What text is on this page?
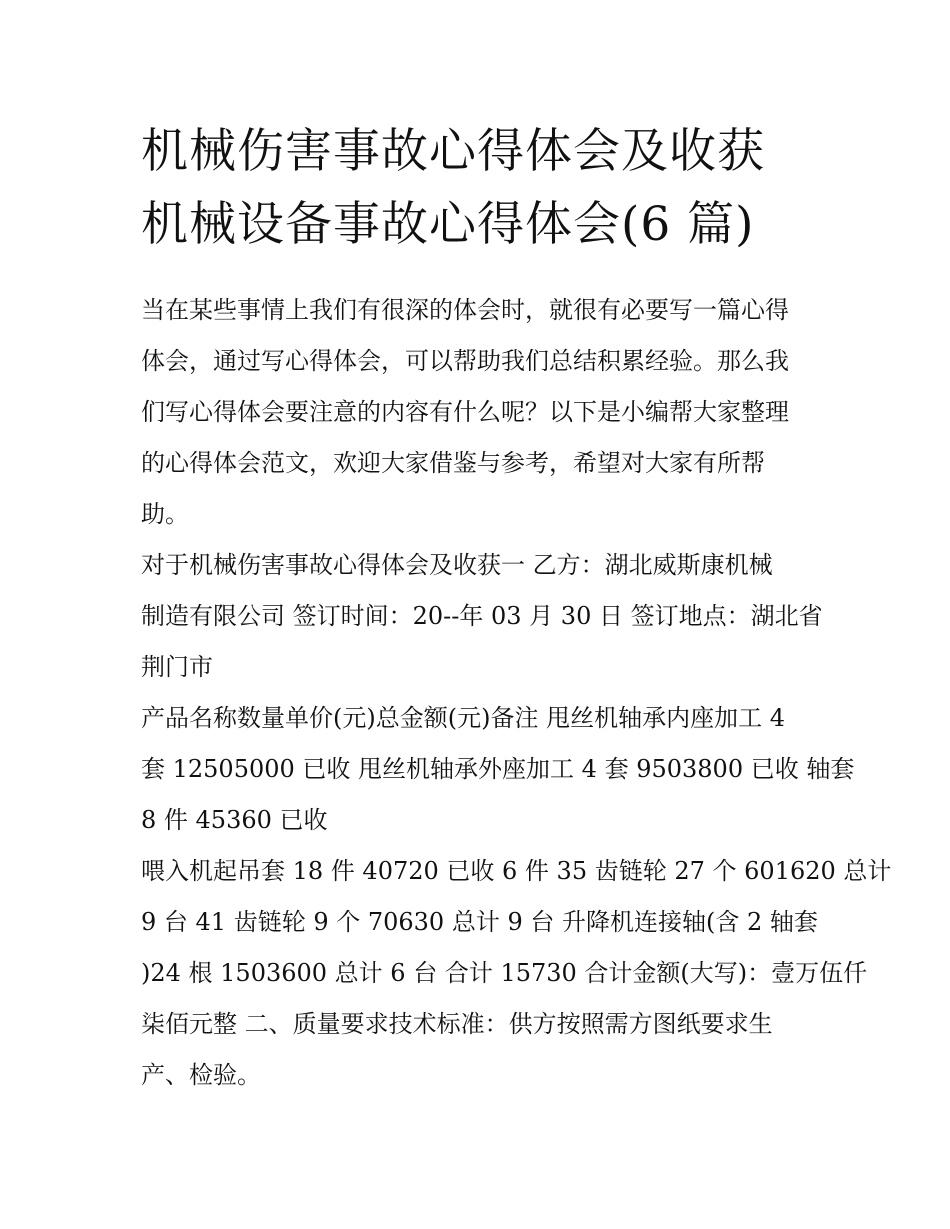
机械伤害事故心得体会及收获
机械设备事故心得体会(6 篇)

当在某些事情上我们有很深的体会时，就很有必要写一篇心得
体会，通过写心得体会，可以帮助我们总结积累经验。那么我
们写心得体会要注意的内容有什么呢？以下是小编帮大家整理
的心得体会范文，欢迎大家借鉴与参考，希望对大家有所帮
助。

对于机械伤害事故心得体会及收获一 乙方：湖北威斯康机械
制造有限公司 签订时间：20--年 03 月 30 日 签订地点：湖北省
荆门市

产品名称数量单价(元)总金额(元)备注 甩丝机轴承内座加工 4
套 12505000 已收 甩丝机轴承外座加工 4 套 9503800 已收 轴套
8 件 45360 已收

喂入机起吊套 18 件 40720 已收 6 件 35 齿链轮 27 个 601620 总计
9 台 41 齿链轮 9 个 70630 总计 9 台 升降机连接轴(含 2 轴套
)24 根 1503600 总计 6 台 合计 15730 合计金额(大写)：壹万伍仟
柒佰元整 二、质量要求技术标准：供方按照需方图纸要求生
产、检验。
